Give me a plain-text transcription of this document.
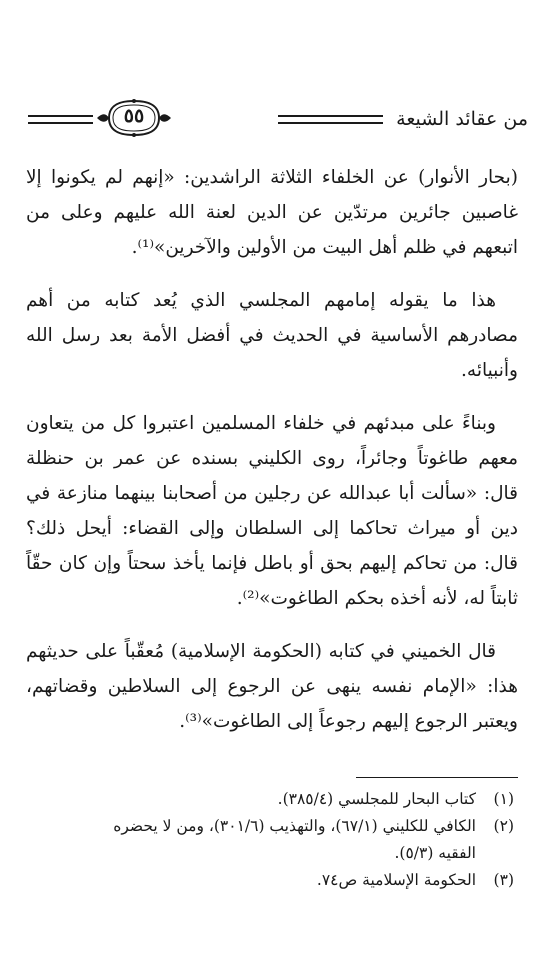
من عقائد الشيعة
٥٥

(بحار الأنوار) عن الخلفاء الثلاثة الراشدين: «إنهم لم يكونوا إلا غاصبين جائرين مرتدّين عن الدين لعنة الله عليهم وعلى من اتبعهم في ظلم أهل البيت من الأولين والآخرين»⁽¹⁾.

هذا ما يقوله إمامهم المجلسي الذي يُعد كتابه من أهم مصادرهم الأساسية في الحديث في أفضل الأمة بعد رسل الله وأنبيائه.

وبناءً على مبدئهم في خلفاء المسلمين اعتبروا كل من يتعاون معهم طاغوتاً وجائراً، روى الكليني بسنده عن عمر بن حنظلة قال: «سألت أبا عبدالله عن رجلين من أصحابنا بينهما منازعة في دين أو ميراث تحاكما إلى السلطان وإلى القضاء: أيحل ذلك؟ قال: من تحاكم إليهم بحق أو باطل فإنما يأخذ سحتاً وإن كان حقّاً ثابتاً له، لأنه أخذه بحكم الطاغوت»⁽²⁾.

قال الخميني في كتابه (الحكومة الإسلامية) مُعقّباً على حديثهم هذا: «الإمام نفسه ينهى عن الرجوع إلى السلاطين وقضاتهم، ويعتبر الرجوع إليهم رجوعاً إلى الطاغوت»⁽³⁾.

(١)
كتاب البحار للمجلسي (٣٨٥/٤).
(٢)
الكافي للكليني (٦٧/١)، والتهذيب (٣٠١/٦)، ومن لا يحضره
الفقيه (٥/٣).
(٣)
الحكومة الإسلامية ص٧٤.
